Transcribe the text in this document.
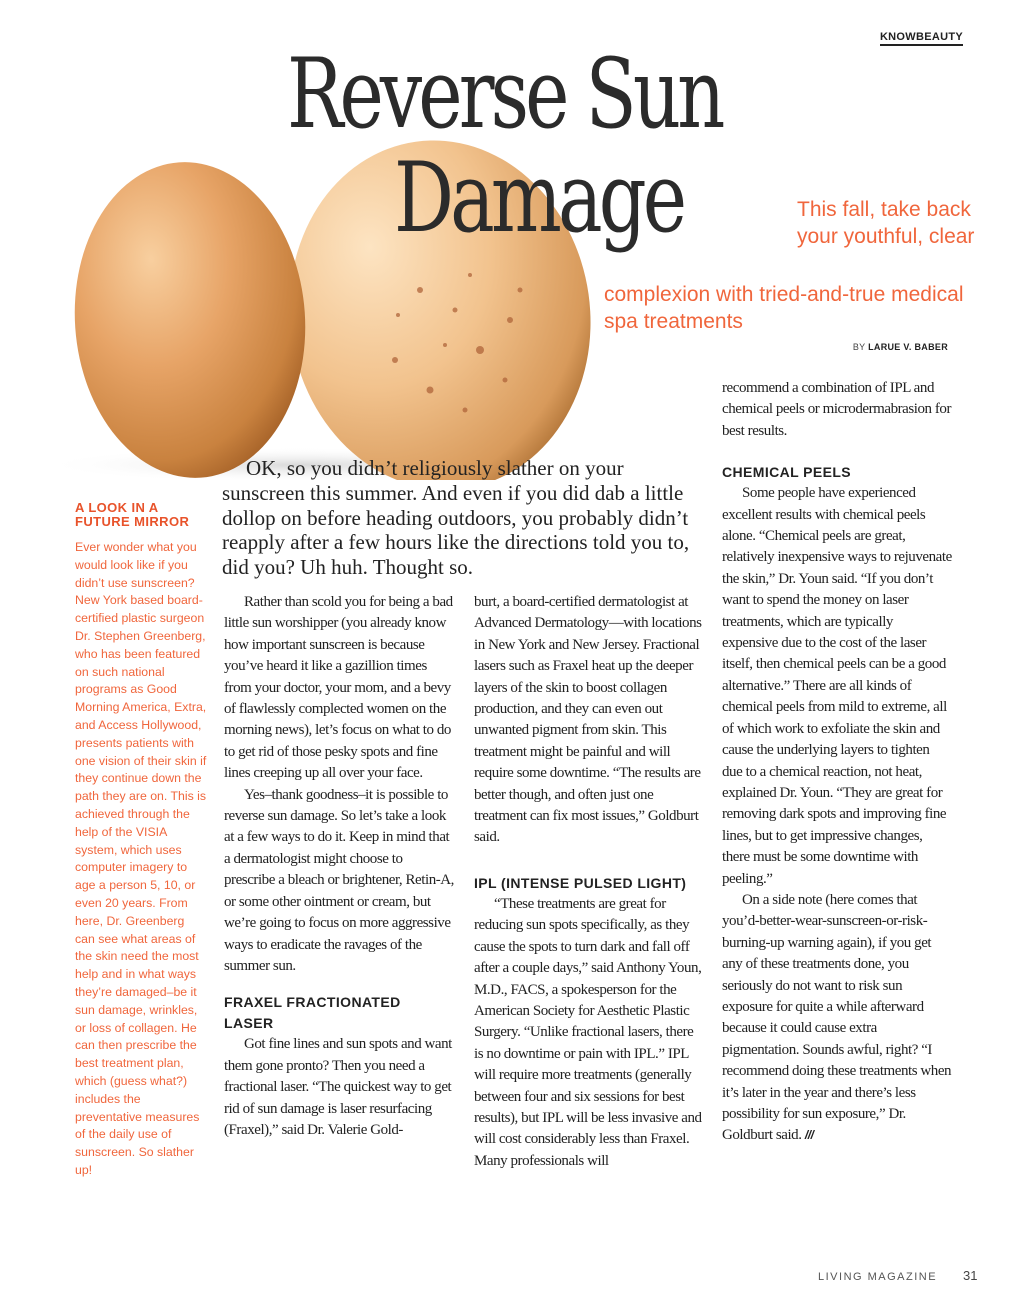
KNOWBEAUTY
Reverse Sun
Damage	This fall, take back your youthful, clear
complexion with tried-and-true medical spa treatments
BY LARUE V. BABER
A LOOK IN A FUTURE MIRROR

Ever wonder what you would look like if you didn’t use sunscreen? New York based board-certified plastic surgeon Dr. Stephen Greenberg, who has been featured on such national programs as Good Morning America, Extra, and Access Hollywood, presents patients with one vision of their skin if they continue down the path they are on. This is achieved through the help of the VISIA system, which uses computer imagery to age a person 5, 10, or even 20 years. From here, Dr. Greenberg can see what areas of the skin need the most help and in what ways they’re damaged–be it sun damage, wrinkles, or loss of collagen. He can then prescribe the best treatment plan, which (guess what?) includes the preventative measures of the daily use of sunscreen. So slather up!

OK, so you didn’t religiously slather on your sunscreen this summer. And even if you did dab a little dollop on before heading outdoors, you probably didn’t reapply after a few hours like the directions told you to, did you? Uh huh. Thought so.

Rather than scold you for being a bad little sun worshipper (you already know how important sunscreen is because you’ve heard it like a gazillion times from your doctor, your mom, and a bevy of flawlessly complected women on the morning news), let’s focus on what to do to get rid of those pesky spots and fine lines creeping up all over your face.

Yes–thank goodness–it is possible to reverse sun damage. So let’s take a look at a few ways to do it. Keep in mind that a dermatologist might choose to prescribe a bleach or brightener, Retin-A, or some other ointment or cream, but we’re going to focus on more aggressive ways to eradicate the ravages of the summer sun.

FRAXEL FRACTIONATED LASER

Got fine lines and sun spots and want them gone pronto? Then you need a fractional laser. “The quickest way to get rid of sun damage is laser resurfacing (Fraxel),” said Dr. Valerie Gold-

burt, a board-certified dermatologist at Advanced Dermatology—with locations in New York and New Jersey. Fractional lasers such as Fraxel heat up the deeper layers of the skin to boost collagen production, and they can even out unwanted pigment from skin. This treatment might be painful and will require some downtime. “The results are better though, and often just one treatment can fix most issues,” Goldburt said.

IPL (INTENSE PULSED LIGHT)

“These treatments are great for reducing sun spots specifically, as they cause the spots to turn dark and fall off after a couple days,” said Anthony Youn, M.D., FACS, a spokesperson for the American Society for Aesthetic Plastic Surgery. “Unlike fractional lasers, there is no downtime or pain with IPL.” IPL will require more treatments (generally between four and six sessions for best results), but IPL will be less invasive and will cost considerably less than Fraxel. Many professionals will

recommend a combination of IPL and chemical peels or microdermabrasion for best results.

CHEMICAL PEELS

Some people have experienced excellent results with chemical peels alone. “Chemical peels are great, relatively inexpensive ways to rejuvenate the skin,” Dr. Youn said. “If you don’t want to spend the money on laser treatments, which are typically expensive due to the cost of the laser itself, then chemical peels can be a good alternative.” There are all kinds of chemical peels from mild to extreme, all of which work to exfoliate the skin and cause the underlying layers to tighten due to a chemical reaction, not heat, explained Dr. Youn. “They are great for removing dark spots and improving fine lines, but to get impressive changes, there must be some downtime with peeling.”

On a side note (here comes that you’d-better-wear-sunscreen-or-risk-burning-up warning again), if you get any of these treatments done, you seriously do not want to risk sun exposure for quite a while afterward because it could cause extra pigmentation. Sounds awful, right? “I recommend doing these treatments when it’s later in the year and there’s less possibility for sun exposure,” Dr. Goldburt said. ///

LIVING MAGAZINE 31
